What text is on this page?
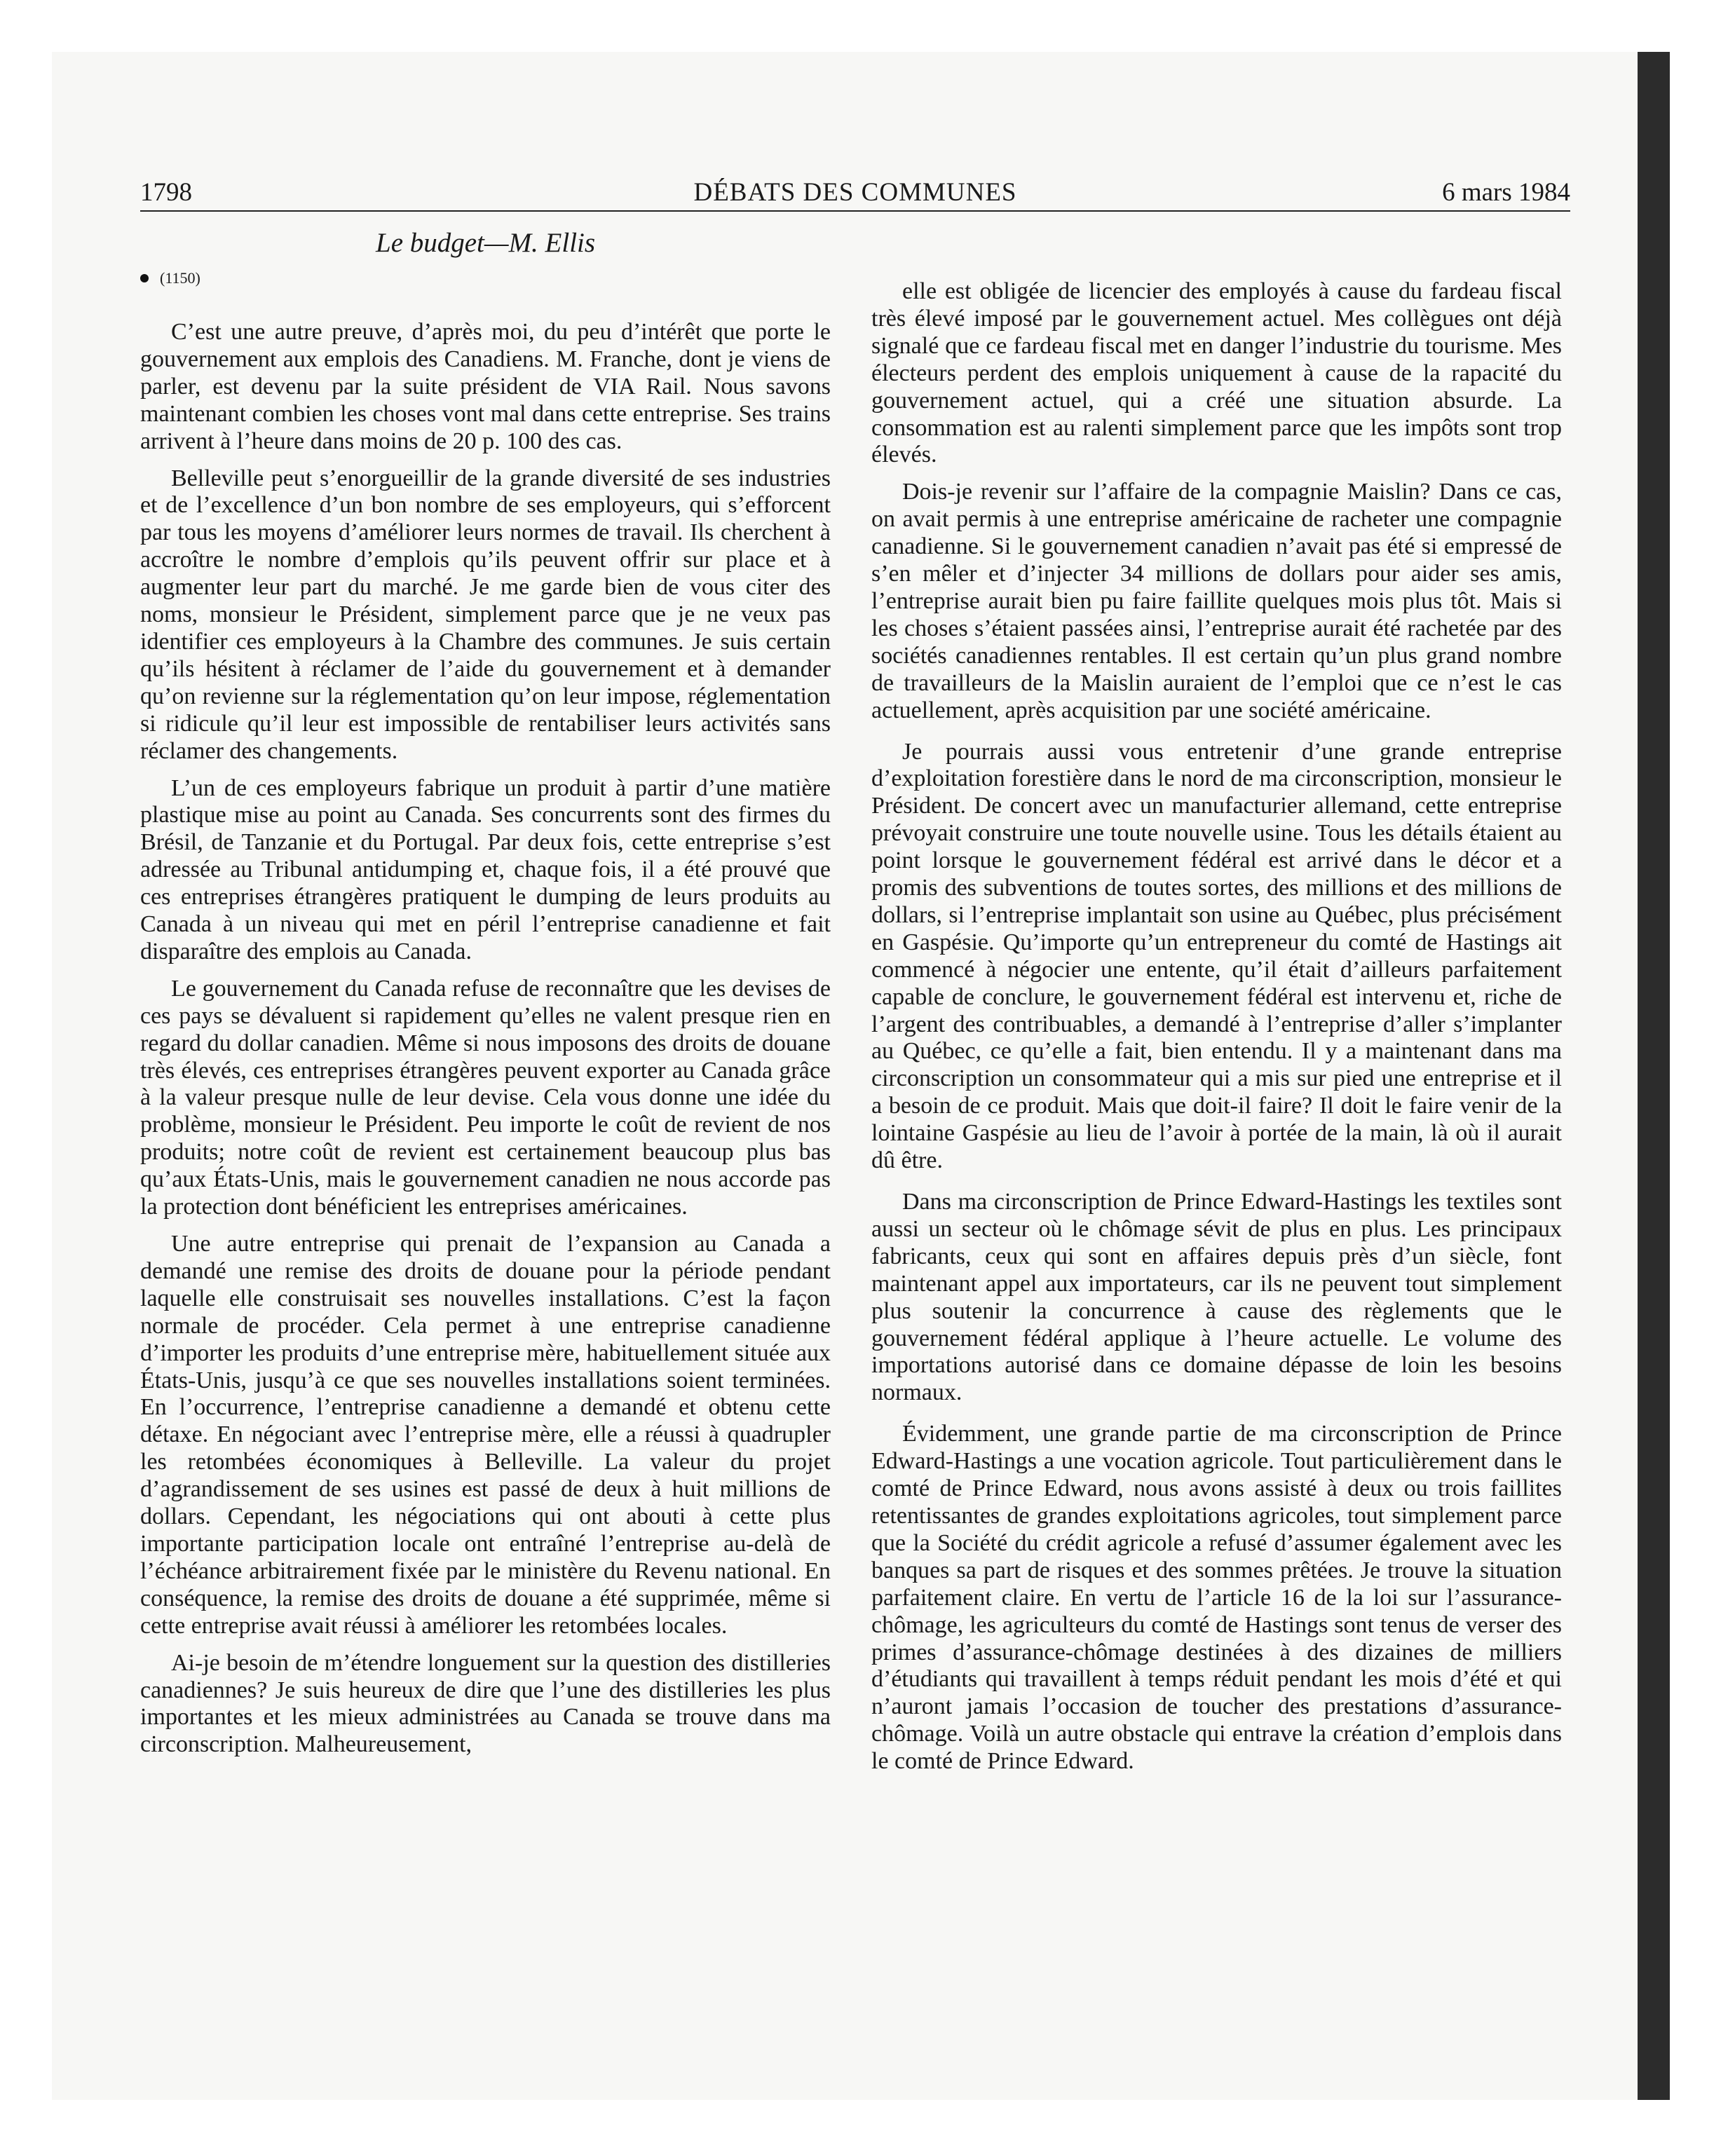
1798	DÉBATS DES COMMUNES	6 mars 1984
Le budget—M. Ellis
(1150)

C’est une autre preuve, d’après moi, du peu d’intérêt que porte le gouvernement aux emplois des Canadiens. M. Franche, dont je viens de parler, est devenu par la suite président de VIA Rail. Nous savons maintenant combien les choses vont mal dans cette entreprise. Ses trains arrivent à l’heure dans moins de 20 p. 100 des cas.

Belleville peut s’enorgueillir de la grande diversité de ses industries et de l’excellence d’un bon nombre de ses employeurs, qui s’efforcent par tous les moyens d’améliorer leurs normes de travail. Ils cherchent à accroître le nombre d’emplois qu’ils peuvent offrir sur place et à augmenter leur part du marché. Je me garde bien de vous citer des noms, monsieur le Président, simplement parce que je ne veux pas identifier ces employeurs à la Chambre des communes. Je suis certain qu’ils hésitent à réclamer de l’aide du gouvernement et à demander qu’on revienne sur la réglementation qu’on leur impose, réglementation si ridicule qu’il leur est impossible de rentabiliser leurs activités sans réclamer des changements.

L’un de ces employeurs fabrique un produit à partir d’une matière plastique mise au point au Canada. Ses concurrents sont des firmes du Brésil, de Tanzanie et du Portugal. Par deux fois, cette entreprise s’est adressée au Tribunal antidumping et, chaque fois, il a été prouvé que ces entreprises étrangères pratiquent le dumping de leurs produits au Canada à un niveau qui met en péril l’entreprise canadienne et fait disparaître des emplois au Canada.

Le gouvernement du Canada refuse de reconnaître que les devises de ces pays se dévaluent si rapidement qu’elles ne valent presque rien en regard du dollar canadien. Même si nous imposons des droits de douane très élevés, ces entreprises étrangères peuvent exporter au Canada grâce à la valeur presque nulle de leur devise. Cela vous donne une idée du problème, monsieur le Président. Peu importe le coût de revient de nos produits; notre coût de revient est certainement beaucoup plus bas qu’aux États-Unis, mais le gouvernement canadien ne nous accorde pas la protection dont bénéficient les entreprises américaines.

Une autre entreprise qui prenait de l’expansion au Canada a demandé une remise des droits de douane pour la période pendant laquelle elle construisait ses nouvelles installations. C’est la façon normale de procéder. Cela permet à une entreprise canadienne d’importer les produits d’une entreprise mère, habituellement située aux États-Unis, jusqu’à ce que ses nouvelles installations soient terminées. En l’occurrence, l’entreprise canadienne a demandé et obtenu cette détaxe. En négociant avec l’entreprise mère, elle a réussi à quadrupler les retombées économiques à Belleville. La valeur du projet d’agrandissement de ses usines est passé de deux à huit millions de dollars. Cependant, les négociations qui ont abouti à cette plus importante participation locale ont entraîné l’entreprise au-delà de l’échéance arbitrairement fixée par le ministère du Revenu national. En conséquence, la remise des droits de douane a été supprimée, même si cette entreprise avait réussi à améliorer les retombées locales.

Ai-je besoin de m’étendre longuement sur la question des distilleries canadiennes? Je suis heureux de dire que l’une des distilleries les plus importantes et les mieux administrées au Canada se trouve dans ma circonscription. Malheureusement,

elle est obligée de licencier des employés à cause du fardeau fiscal très élevé imposé par le gouvernement actuel. Mes collègues ont déjà signalé que ce fardeau fiscal met en danger l’industrie du tourisme. Mes électeurs perdent des emplois uniquement à cause de la rapacité du gouvernement actuel, qui a créé une situation absurde. La consommation est au ralenti simplement parce que les impôts sont trop élevés.

Dois-je revenir sur l’affaire de la compagnie Maislin? Dans ce cas, on avait permis à une entreprise américaine de racheter une compagnie canadienne. Si le gouvernement canadien n’avait pas été si empressé de s’en mêler et d’injecter 34 millions de dollars pour aider ses amis, l’entreprise aurait bien pu faire faillite quelques mois plus tôt. Mais si les choses s’étaient passées ainsi, l’entreprise aurait été rachetée par des sociétés canadiennes rentables. Il est certain qu’un plus grand nombre de travailleurs de la Maislin auraient de l’emploi que ce n’est le cas actuellement, après acquisition par une société américaine.

Je pourrais aussi vous entretenir d’une grande entreprise d’exploitation forestière dans le nord de ma circonscription, monsieur le Président. De concert avec un manufacturier allemand, cette entreprise prévoyait construire une toute nouvelle usine. Tous les détails étaient au point lorsque le gouvernement fédéral est arrivé dans le décor et a promis des subventions de toutes sortes, des millions et des millions de dollars, si l’entreprise implantait son usine au Québec, plus précisément en Gaspésie. Qu’importe qu’un entrepreneur du comté de Hastings ait commencé à négocier une entente, qu’il était d’ailleurs parfaitement capable de conclure, le gouvernement fédéral est intervenu et, riche de l’argent des contribuables, a demandé à l’entreprise d’aller s’implanter au Québec, ce qu’elle a fait, bien entendu. Il y a maintenant dans ma circonscription un consommateur qui a mis sur pied une entreprise et il a besoin de ce produit. Mais que doit-il faire? Il doit le faire venir de la lointaine Gaspésie au lieu de l’avoir à portée de la main, là où il aurait dû être.

Dans ma circonscription de Prince Edward-Hastings les textiles sont aussi un secteur où le chômage sévit de plus en plus. Les principaux fabricants, ceux qui sont en affaires depuis près d’un siècle, font maintenant appel aux importateurs, car ils ne peuvent tout simplement plus soutenir la concurrence à cause des règlements que le gouvernement fédéral applique à l’heure actuelle. Le volume des importations autorisé dans ce domaine dépasse de loin les besoins normaux.

Évidemment, une grande partie de ma circonscription de Prince Edward-Hastings a une vocation agricole. Tout particulièrement dans le comté de Prince Edward, nous avons assisté à deux ou trois faillites retentissantes de grandes exploitations agricoles, tout simplement parce que la Société du crédit agricole a refusé d’assumer également avec les banques sa part de risques et des sommes prêtées. Je trouve la situation parfaitement claire. En vertu de l’article 16 de la loi sur l’assurance-chômage, les agriculteurs du comté de Hastings sont tenus de verser des primes d’assurance-chômage destinées à des dizaines de milliers d’étudiants qui travaillent à temps réduit pendant les mois d’été et qui n’auront jamais l’occasion de toucher des prestations d’assurance-chômage. Voilà un autre obstacle qui entrave la création d’emplois dans le comté de Prince Edward.
